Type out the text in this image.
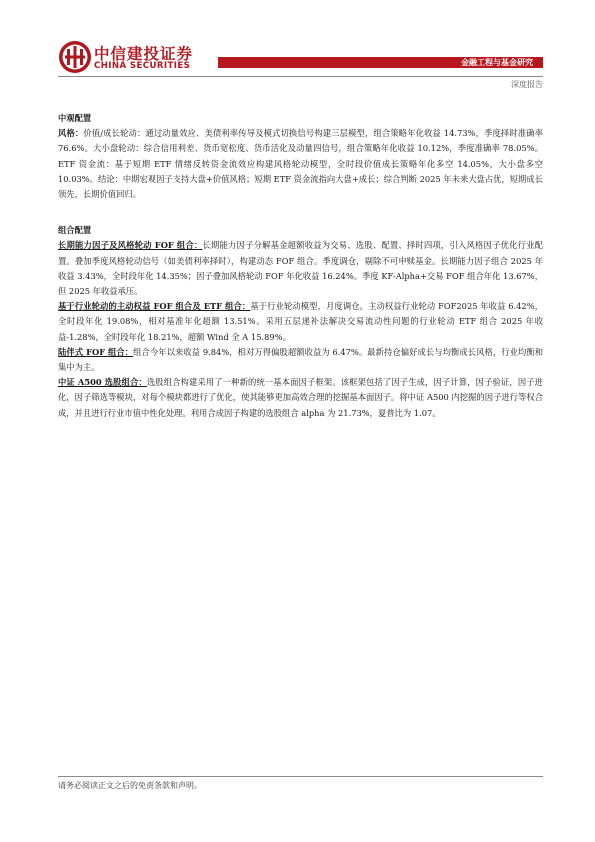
中信建投证券
CHINA SECURITIES	金融工程与基金研究
深度报告

中观配置

风格：价值/成长轮动：通过动量效应、美债利率传导及模式切换信号构建三层模型，组合策略年化收益 14.73%，季度择时准确率 76.6%。大小盘轮动：综合信用利差、货币宽松度、货币活化及动量四信号，组合策略年化收益 10.12%，季度准确率 78.05%。ETF 资金流：基于短期 ETF 情绪反转资金流效应构建风格轮动模型，全时段价值成长策略年化多空 14.05%，大小盘多空 10.03%。结论：中期宏观因子支持大盘+价值风格；短期 ETF 资金流指向大盘+成长；综合判断 2025 年未来大盘占优，短期成长领先，长期价值回归。

组合配置

长期能力因子及风格轮动 FOF 组合：长期能力因子分解基金超额收益为交易、选股、配置、择时四项，引入风格因子优化行业配置。叠加季度风格轮动信号（如美债利率择时），构建动态 FOF 组合。季度调仓，剔除不可申赎基金。长期能力因子组合 2025 年收益 3.43%，全时段年化 14.35%；因子叠加风格轮动 FOF 年化收益 16.24%。季度 KF-Alpha+交易 FOF 组合年化 13.67%，但 2025 年收益承压。

基于行业轮动的主动权益 FOF 组合及 ETF 组合：基于行业轮动模型，月度调仓。主动权益行业轮动 FOF2025 年收益 6.42%，全时段年化 19.08%，相对基准年化超额 13.51%。采用五层递补法解决交易流动性问题的行业轮动 ETF 组合 2025 年收益-1.28%，全时段年化 18.21%，超额 Wind 全 A 15.89%。

陆伴式 FOF 组合：组合今年以来收益 9.84%，相对万得偏股超额收益为 6.47%。最新持仓偏好成长与均衡成长风格，行业均衡和集中为主。

中证 A500 选股组合：选股组合构建采用了一种新的统一基本面因子框架。该框架包括了因子生成，因子计算，因子验证，因子进化，因子筛选等模块，对每个模块都进行了优化，使其能够更加高效合理的挖掘基本面因子。将中证 A500 内挖掘的因子进行等权合成，并且进行行业市值中性化处理。利用合成因子构建的选股组合 alpha 为 21.73%，夏普比为 1.07。

请务必阅读正文之后的免责条款和声明。
